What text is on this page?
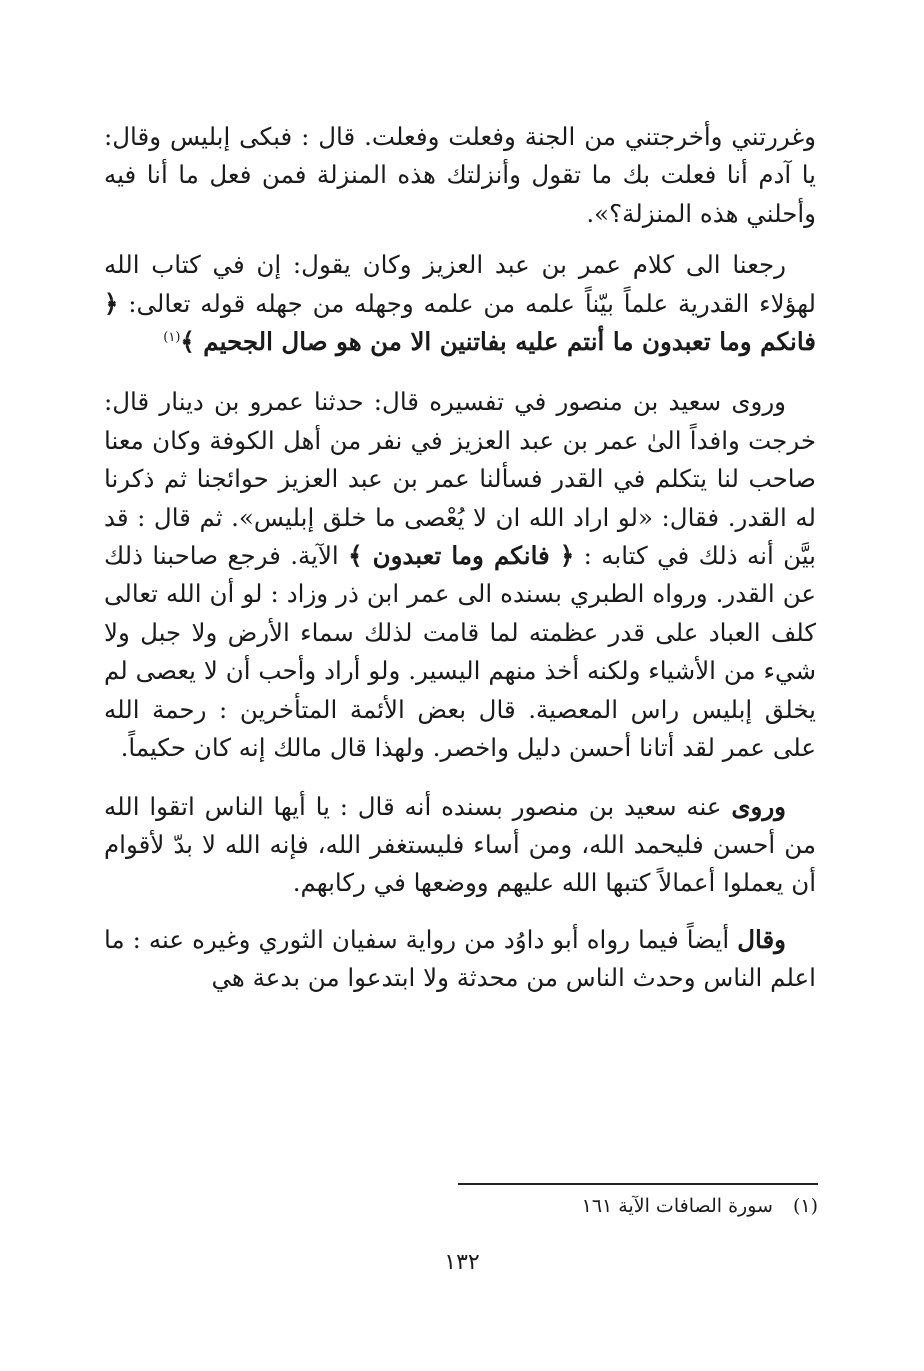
وغررتني وأخرجتني من الجنة وفعلت وفعلت. قال : فبكى إبليس وقال: يا آدم أنا فعلت بك ما تقول وأنزلتك هذه المنزلة فمن فعل ما أنا فيه وأحلني هذه المنزلة؟».

رجعنا الى كلام عمر بن عبد العزيز وكان يقول: إن في كتاب الله لهؤلاء القدرية علماً بيّناً علمه من علمه وجهله من جهله قوله تعالى: ﴿ فانكم وما تعبدون ما أنتم عليه بفاتنين الا من هو صال الجحيم ﴾$^{(١)}$

وروى سعيد بن منصور في تفسيره قال: حدثنا عمرو بن دينار قال: خرجت وافداً الىٰ عمر بن عبد العزيز في نفر من أهل الكوفة وكان معنا صاحب لنا يتكلم في القدر فسألنا عمر بن عبد العزيز حوائجنا ثم ذكرنا له القدر. فقال: «لو اراد الله ان لا يُعْصى ما خلق إبليس». ثم قال : قد بيَّن أنه ذلك في كتابه : ﴿ فانكم وما تعبدون ﴾ الآية. فرجع صاحبنا ذلك عن القدر. ورواه الطبري بسنده الى عمر ابن ذر وزاد : لو أن الله تعالى كلف العباد على قدر عظمته لما قامت لذلك سماء الأرض ولا جبل ولا شيء من الأشياء ولكنه أخذ منهم اليسير. ولو أراد وأحب أن لا يعصى لم يخلق إبليس راس المعصية. قال بعض الأئمة المتأخرين : رحمة الله على عمر لقد أتانا أحسن دليل واخصر. ولهذا قال مالك إنه كان حكيماً.

وروى عنه سعيد بن منصور بسنده أنه قال : يا أيها الناس اتقوا الله من أحسن فليحمد الله، ومن أساء فليستغفر الله، فإنه الله لا بدّ لأقوام أن يعملوا أعمالاً كتبها الله عليهم ووضعها في ركابهم.

وقال أيضاً فيما رواه أبو داوُد من رواية سفيان الثوري وغيره عنه : ما اعلم الناس وحدث الناس من محدثة ولا ابتدعوا من بدعة هي

(١)سورة الصافات الآية ١٦١
١٣٢
